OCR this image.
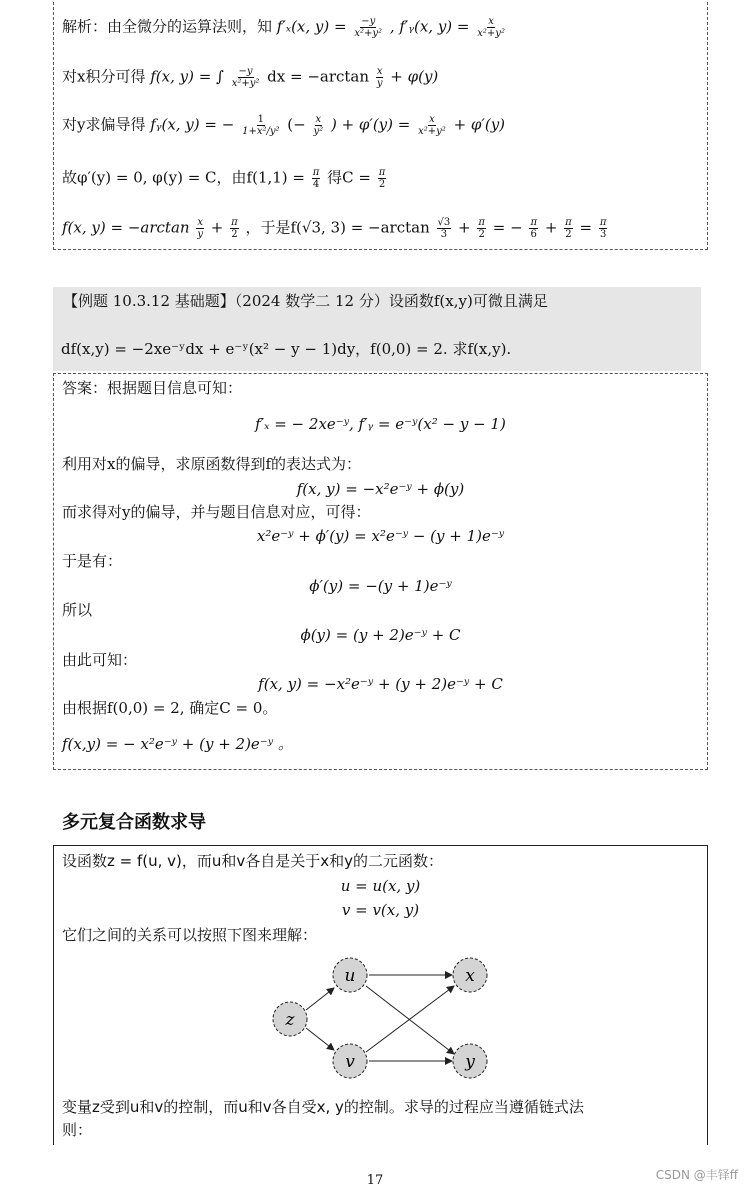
解析：由全微分的运算法则，知 f′ₓ(x, $y) = \frac{-y}{\text{x²+y²}}$ , f′ᵧ(x, $y) = \frac{x}{\text{x²+y²}}$
对x积分可得 f(x, y) = ∫ $\frac{-y}{\text{x²+y²}}$ dx = $-\arctan \frac{x}{y} + \varphi(y)$
对y求偏导得 fᵧ(x, y) = − $\frac{1}{\text{1+x²/y²}}$ (− $\frac{x}{\text{y²}}$ ) + $\varphi'(y) = \frac{x}{\text{x²+y²}} + \varphi'(y)$
故φ′(y) = 0, φ(y) = C，由$f(1,1) = \frac{\pi}{4}$ 得$C = \frac{\pi}{2}$
f(x, $y) = -\arctan \frac{x}{y} + \frac{\pi}{2}$ ，于是f(√3, $3) = -\arctan \frac{√3}{3} + \frac{\pi}{2}$ = − $\frac{\pi}{6} + \frac{\pi}{2} = \frac{\pi}{3}$
【例题 10.3.12 基础题】（2024 数学二 12 分）设函数f(x,y)可微且满足
df(x,y) = −2xe⁻ʸdx + e⁻ʸ(x² − y − 1)dy，f(0,0) = 2. 求f(x,y).
答案：根据题目信息可知：
f′ₓ = − 2xe⁻ʸ, f′ᵧ = e⁻ʸ(x² − y − 1)
利用对x的偏导，求原函数得到f的表达式为：
f(x, y) = −x²e⁻ʸ + ϕ(y)
而求得对y的偏导，并与题目信息对应，可得：
x²e⁻ʸ + ϕ′(y) = x²e⁻ʸ − (y + 1)e⁻ʸ
于是有：
ϕ′(y) = −(y + 1)e⁻ʸ
所以
ϕ(y) = (y + 2)e⁻ʸ + C
由此可知：
f(x, y) = −x²e⁻ʸ + (y + 2)e⁻ʸ + C
由根据f(0,0) = 2, 确定C = 0。
f(x,y) = − x²e⁻ʸ + (y + 2)e⁻ʸ 。
多元复合函数求导
设函数z = f(u, v)，而u和v各自是关于x和y的二元函数：
u = u(x, y)
v = v(x, y)
它们之间的关系可以按照下图来理解：
z
u
v
x
y
变量z受到u和v的控制，而u和v各自受x, y的控制。求导的过程应当遵循链式法
则：
17	CSDN @丰铎ff
